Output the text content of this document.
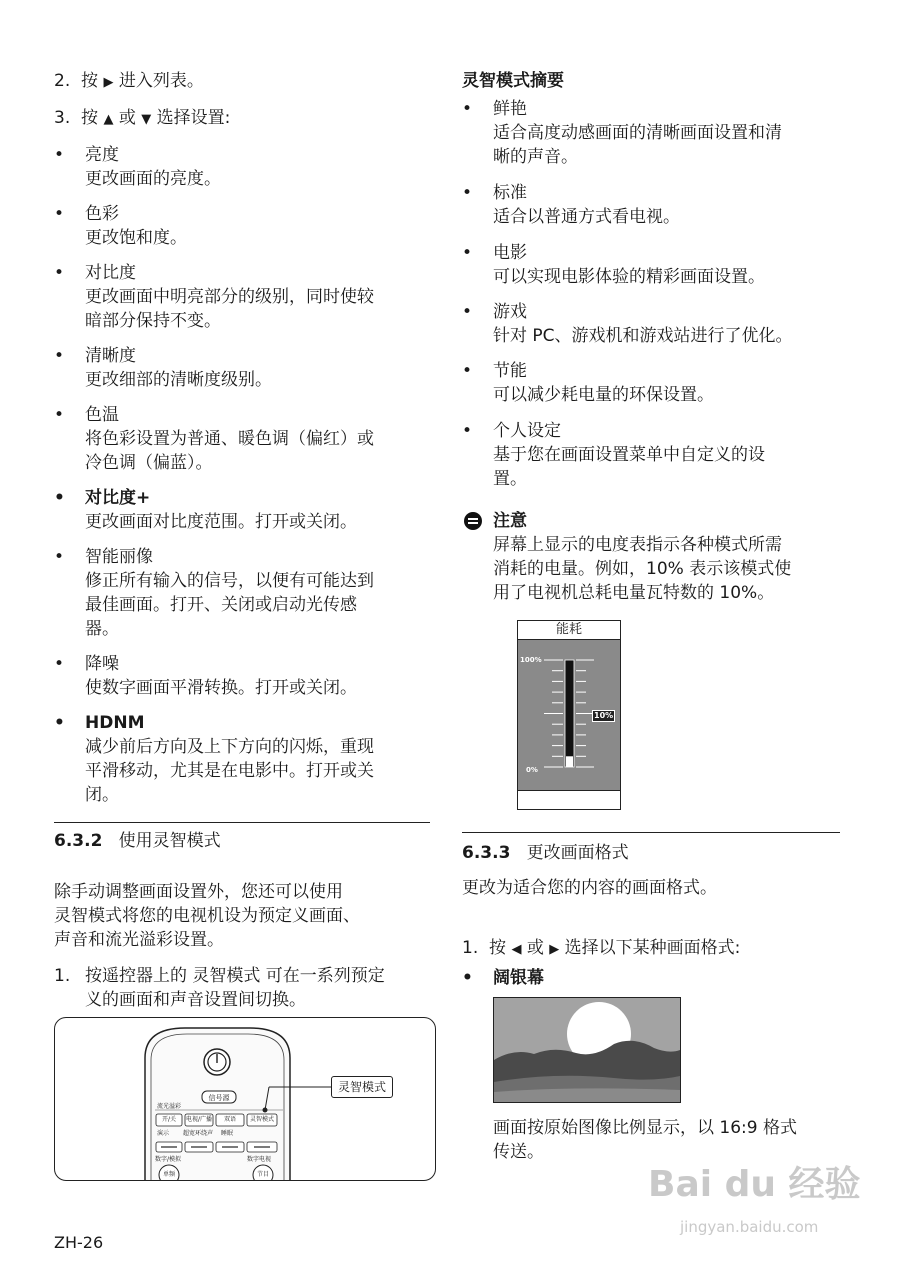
2. 按 ▶ 进入列表。
3. 按 ▲ 或 ▼ 选择设置:
• 亮度
更改画面的亮度。
• 色彩
更改饱和度。
• 对比度
更改画面中明亮部分的级别，同时使较
暗部分保持不变。
• 清晰度
更改细部的清晰度级别。
• 色温
将色彩设置为普通、暖色调（偏红）或
冷色调（偏蓝）。
• 对比度+
更改画面对比度范围。打开或关闭。
• 智能丽像
修正所有输入的信号，以便有可能达到
最佳画面。打开、关闭或启动光传感
器。
• 降噪
使数字画面平滑转换。打开或关闭。
• HDNM
减少前后方向及上下方向的闪烁，重现
平滑移动，尤其是在电影中。打开或关
闭。
6.3.2 使用灵智模式
除手动调整画面设置外，您还可以使用
灵智模式将您的电视机设为预定义画面、
声音和流光溢彩设置。
1. 按遥控器上的 灵智模式 可在一系列预定
义的画面和声音设置间切换。
信号源
流光溢彩
开/关	电视/广播	双语	灵智模式
演示 超宽环绕声 睡眠
数字/模拟	数字电视
单频	节目
灵智模式
ZH-26
灵智模式摘要
• 鲜艳
适合高度动感画面的清晰画面设置和清
晰的声音。
• 标准
适合以普通方式看电视。
• 电影
可以实现电影体验的精彩画面设置。
• 游戏
针对 PC、游戏机和游戏站进行了优化。
• 节能
可以减少耗电量的环保设置。
• 个人设定
基于您在画面设置菜单中自定义的设
置。
注意
屏幕上显示的电度表指示各种模式所需
消耗的电量。例如，10% 表示该模式使
用了电视机总耗电量瓦特数的 10%。
能耗
100%
0%
10%
6.3.3 更改画面格式
更改为适合您的内容的画面格式。
1. 按 ◀ 或 ▶ 选择以下某种画面格式:
• 阔银幕
画面按原始图像比例显示，以 16:9 格式
传送。
Bai du 经验
jingyan.baidu.com
